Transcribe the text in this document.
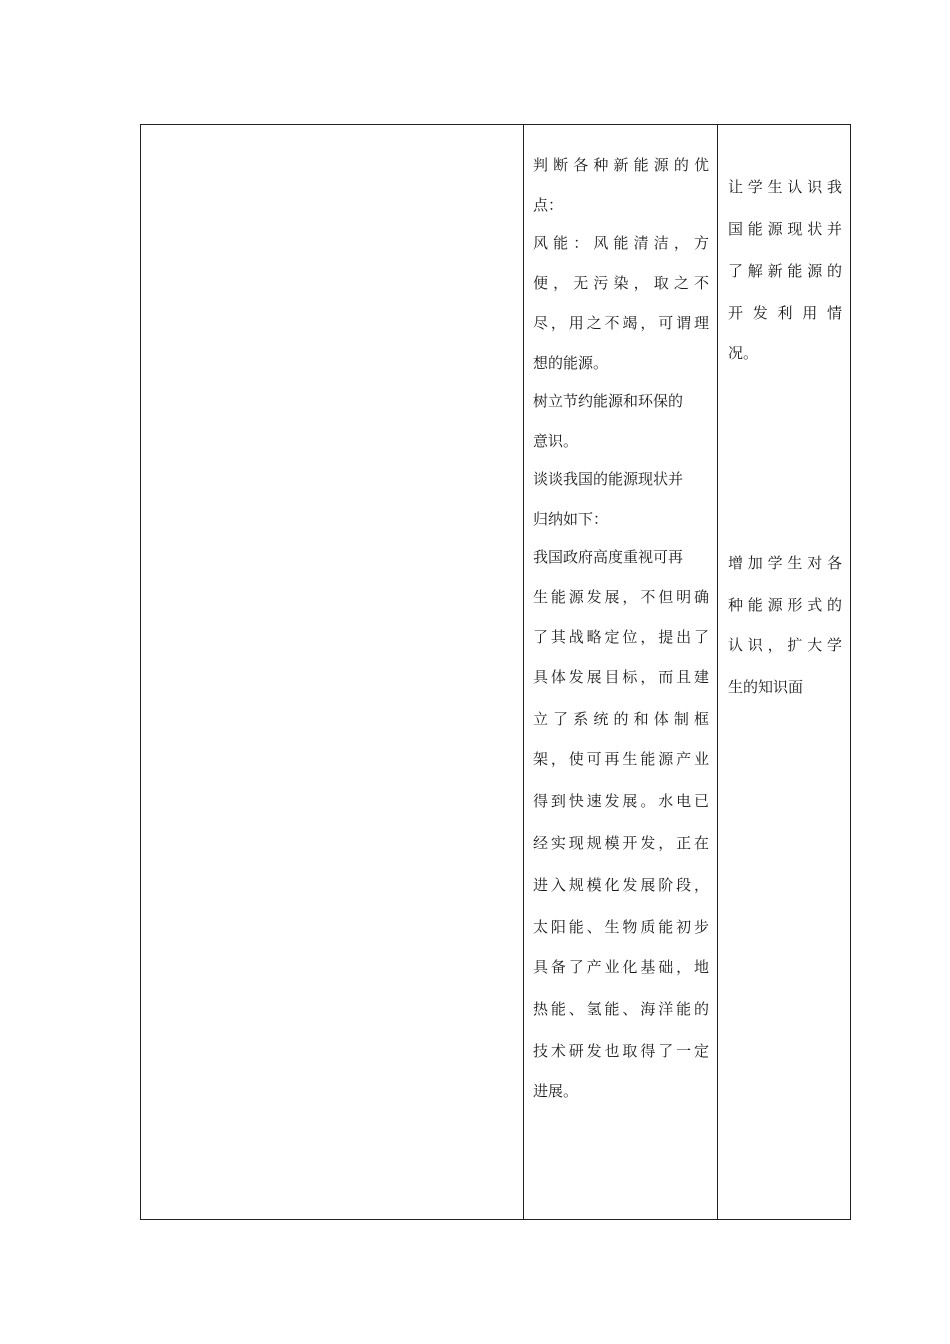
判断各种新能源的优
点：
风能：风能清洁，方
便，无污染，取之不
尽，用之不竭，可谓理
想的能源。
树立节约能源和环保的
意识。
谈谈我国的能源现状并
归纳如下：
我国政府高度重视可再
生能源发展，不但明确
了其战略定位，提出了
具体发展目标，而且建
立了系统的和体制框
架，使可再生能源产业
得到快速发展。水电已
经实现规模开发，正在
进入规模化发展阶段，
太阳能、生物质能初步
具备了产业化基础，地
热能、氢能、海洋能的
技术研发也取得了一定
进展。
让学生认识我
国能源现状并
了解新能源的
开发利用情
况。
增加学生对各
种能源形式的
认识，扩大学
生的知识面
